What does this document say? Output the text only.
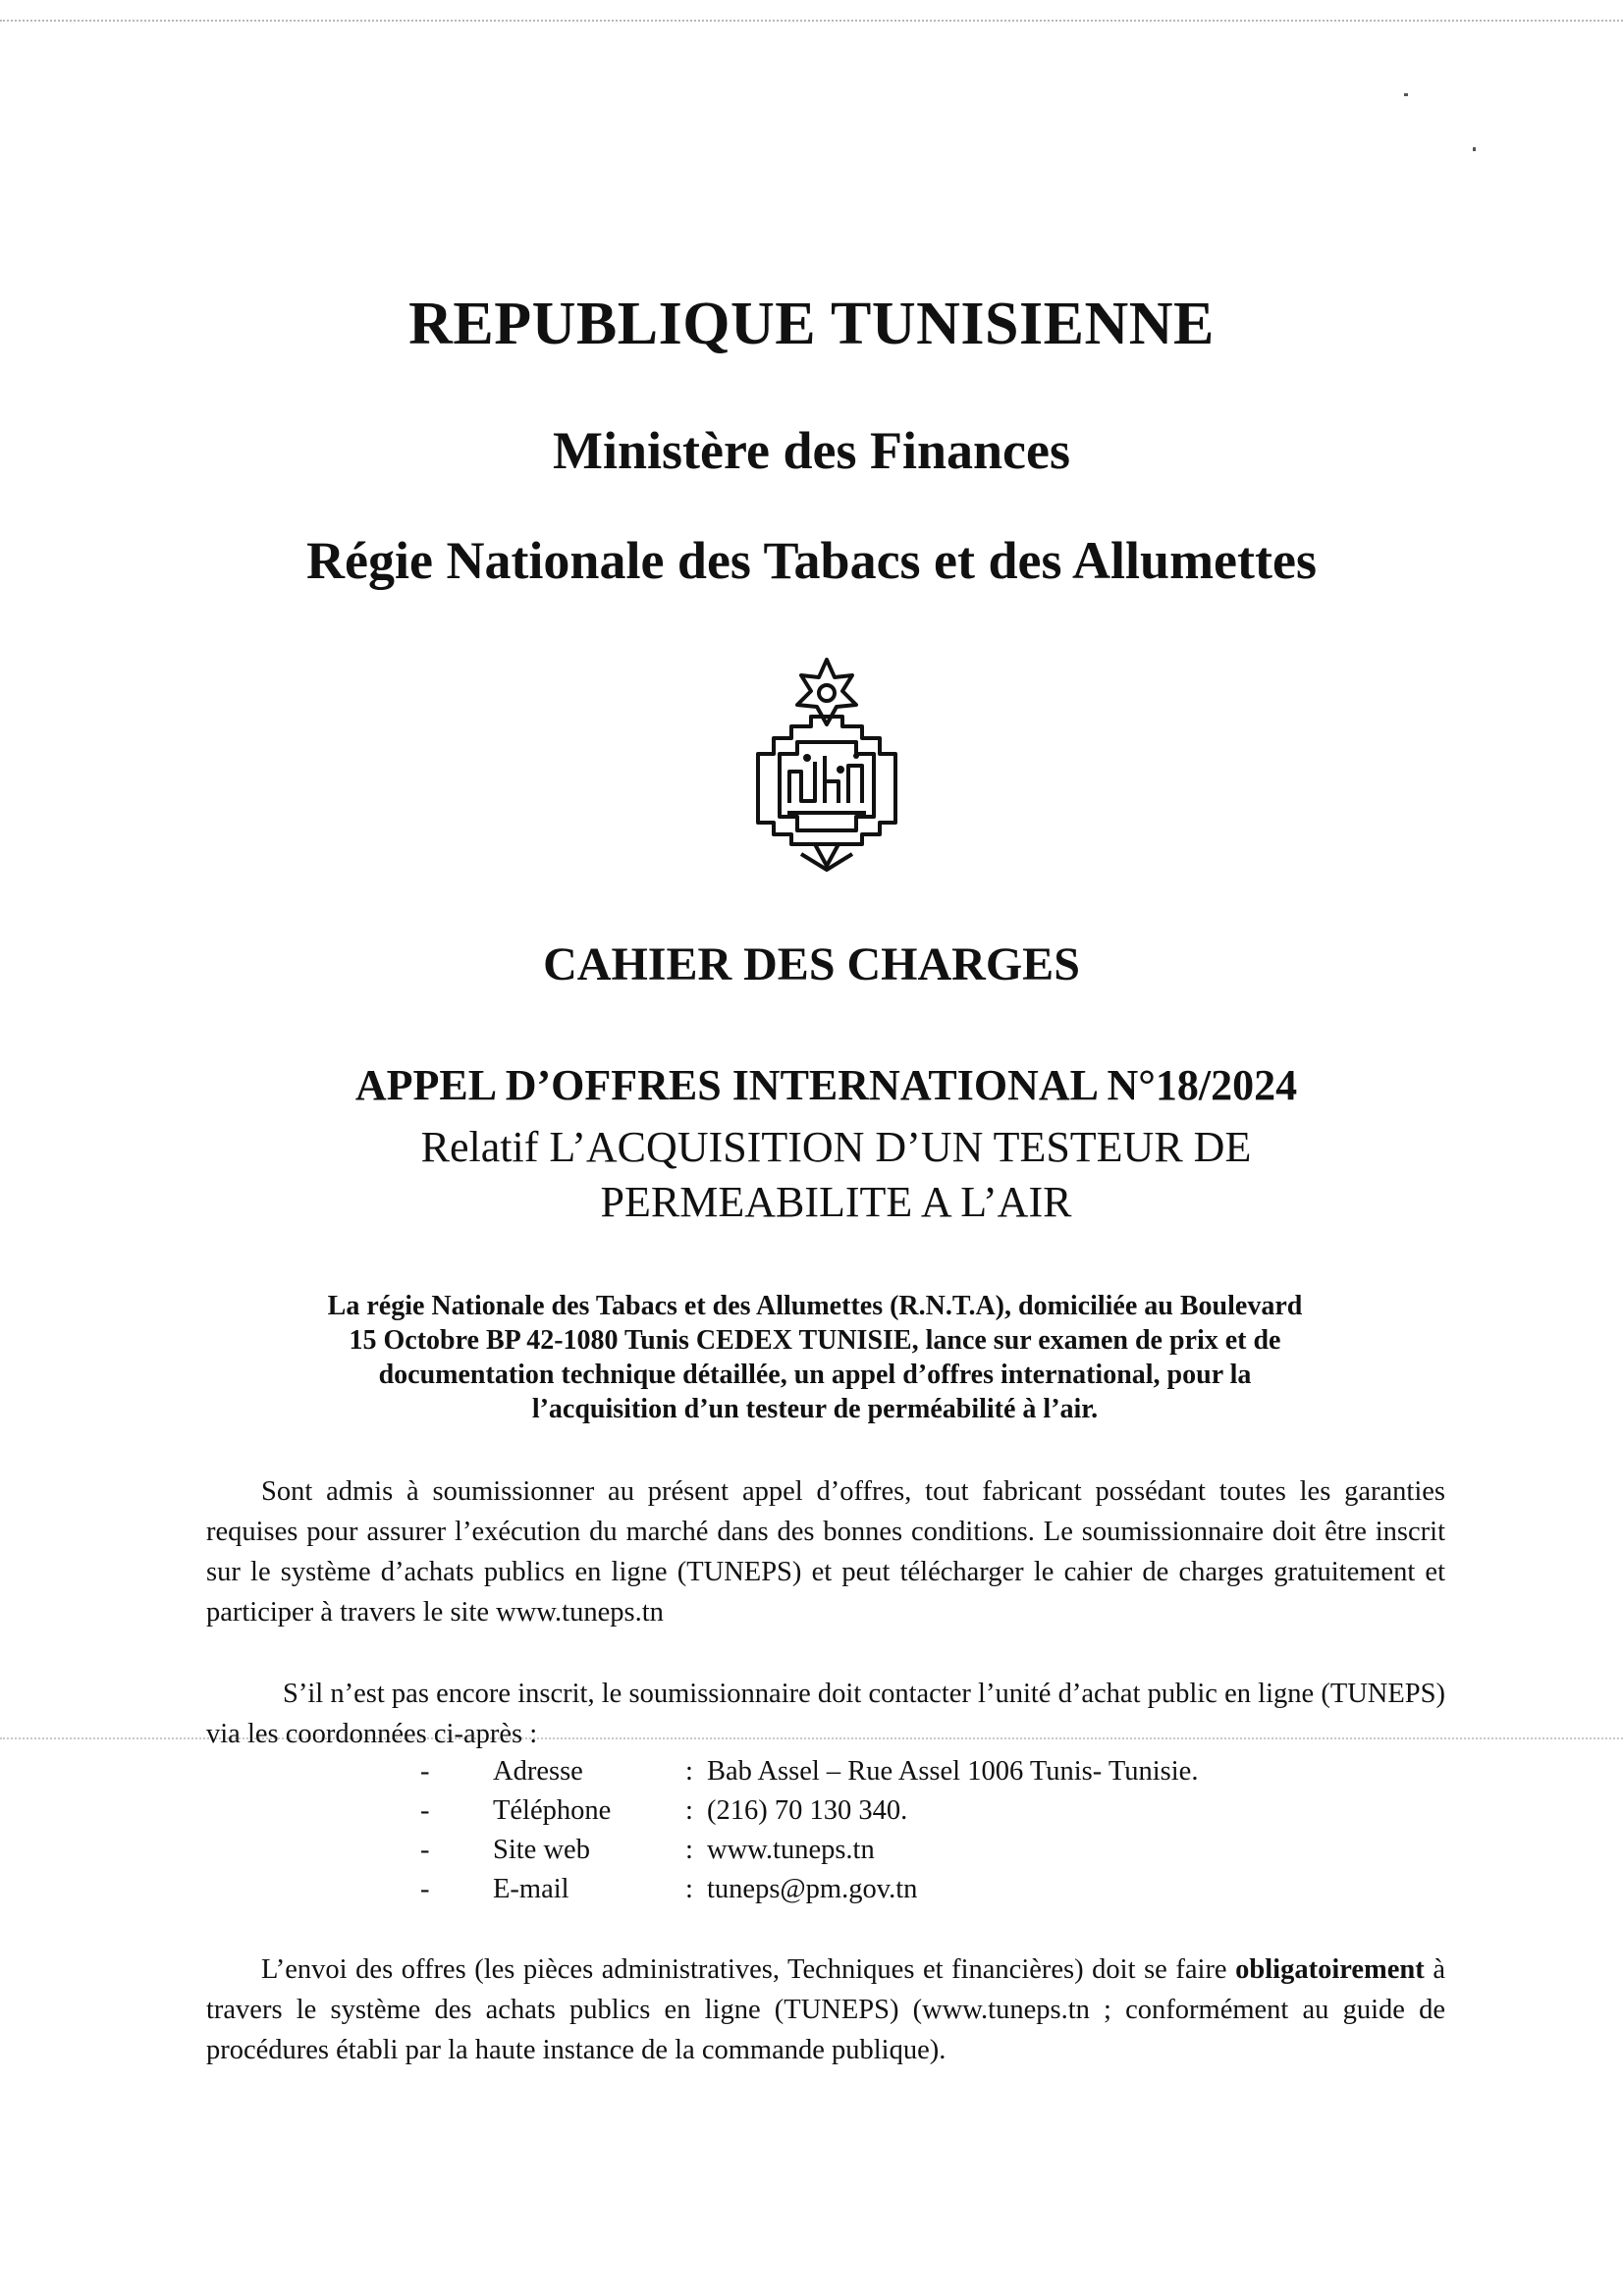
REPUBLIQUE TUNISIENNE
Ministère des Finances
Régie Nationale des Tabacs et des Allumettes
CAHIER DES CHARGES
APPEL D’OFFRES INTERNATIONAL N°18/2024
Relatif L’ACQUISITION D’UN TESTEUR DE
PERMEABILITE A L’AIR
La régie Nationale des Tabacs et des Allumettes (R.N.T.A), domiciliée au Boulevard
15 Octobre BP 42-1080 Tunis CEDEX TUNISIE, lance sur examen de prix et de
documentation technique détaillée, un appel d’offres international, pour la
l’acquisition d’un testeur de perméabilité à l’air.
Sont admis à soumissionner au présent appel d’offres, tout fabricant possédant toutes les garanties requises pour assurer l’exécution du marché dans des bonnes conditions. Le soumissionnaire doit être inscrit sur le système d’achats publics en ligne (TUNEPS) et peut télécharger le cahier de charges gratuitement et participer à travers le site www.tuneps.tn
S’il n’est pas encore inscrit, le soumissionnaire doit contacter l’unité d’achat public en ligne (TUNEPS) via les coordonnées ci-après :
- Adresse	: Bab Assel – Rue Assel 1006 Tunis- Tunisie.
- Téléphone	: (216) 70 130 340.
- Site web	: www.tuneps.tn
- E-mail	: tuneps@pm.gov.tn
L’envoi des offres (les pièces administratives, Techniques et financières) doit se faire obligatoirement à travers le système des achats publics en ligne (TUNEPS) (www.tuneps.tn ; conformément au guide de procédures établi par la haute instance de la commande publique).
